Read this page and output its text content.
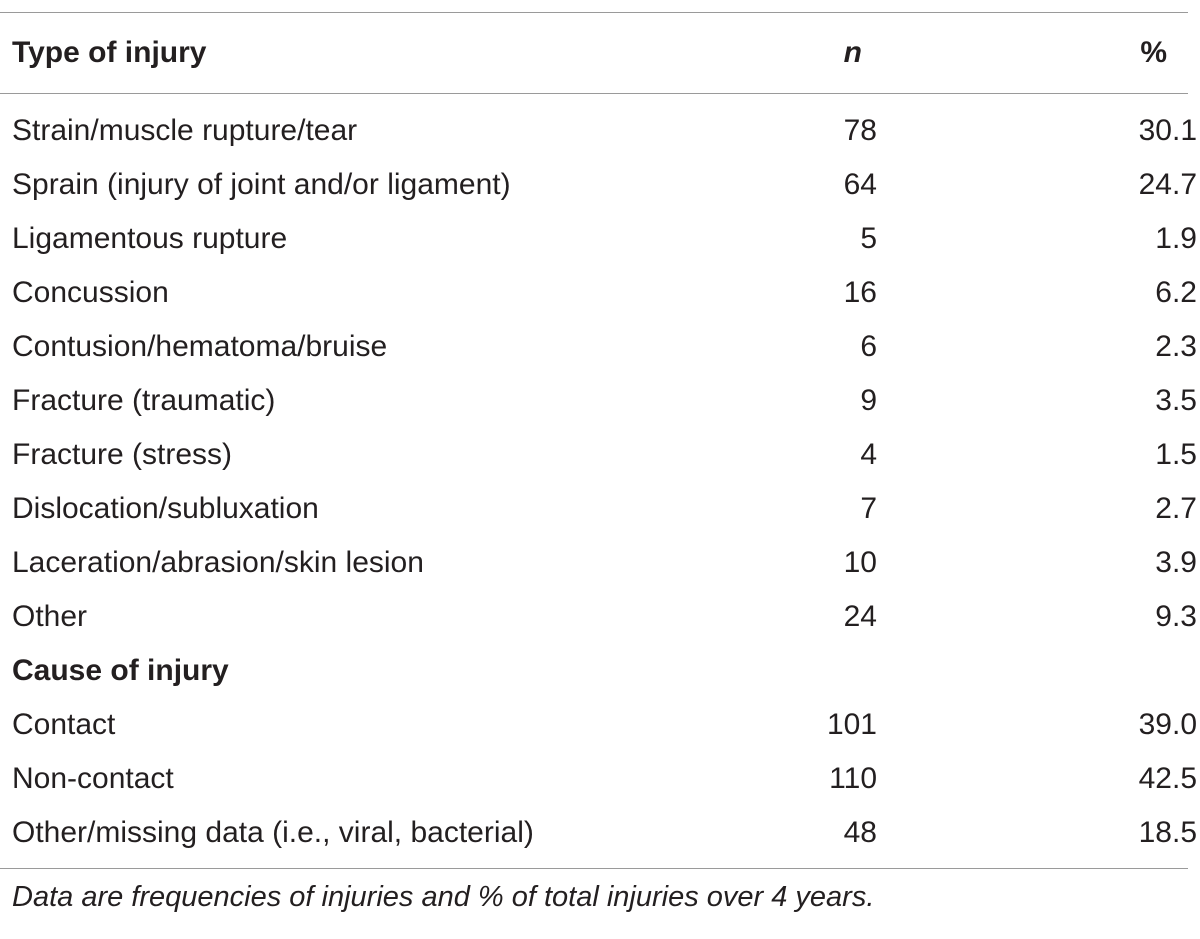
Type of injury	n	%
Strain/muscle rupture/tear	78	30.1
Sprain (injury of joint and/or ligament)	64	24.7
Ligamentous rupture	5	1.9
Concussion	16	6.2
Contusion/hematoma/bruise	6	2.3
Fracture (traumatic)	9	3.5
Fracture (stress)	4	1.5
Dislocation/subluxation	7	2.7
Laceration/abrasion/skin lesion	10	3.9
Other	24	9.3
Cause of injury
Contact	101	39.0
Non-contact	110	42.5
Other/missing data (i.e., viral, bacterial)	48	18.5
Data are frequencies of injuries and % of total injuries over 4 years.
